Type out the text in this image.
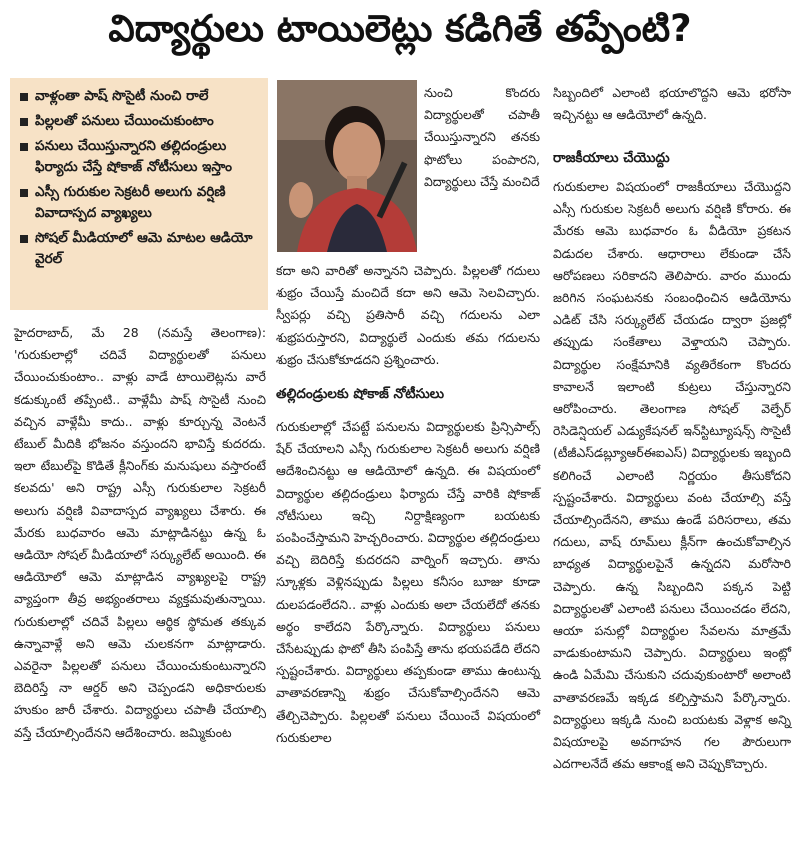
విద్యార్థులు టాయిలెట్లు కడిగితే తప్పేంటి?
వాళ్లంతా పాష్ సొసైటీ నుంచి రాలే
పిల్లలతో పనులు చేయించుకుంటాం
పనులు చేయిస్తున్నారని తల్లిదండ్రులు ఫిర్యాదు చేస్తే షోకాజ్ నోటీసులు ఇస్తాం
ఎస్సీ గురుకుల సెక్రటరీ అలుగు వర్షిణి వివాదాస్పద వ్యాఖ్యలు
సోషల్ మీడియాలో ఆమె మాటల ఆడియో వైరల్

హైదరాబాద్, మే 28 (నమస్తే తెలంగాణ): 'గురుకులాల్లో చదివే విద్యార్థులతో పనులు చేయించుకుంటాం.. వాళ్లు వాడే టాయిలెట్లను వారే కడుక్కుంటే తప్పేంటి.. వాళ్లేమీ పాష్ సొసైటీ నుంచి వచ్చిన వాళ్లేమీ కాదు.. వాళ్లు కూర్చున్న వెంటనే టేబుల్ మీదికి భోజనం వస్తుందని భావిస్తే కుదరదు. ఇలా టేబుల్‌పై కొడితే క్లీనింగ్‌కు మనుషులు వస్తారంటే కలవదు' అని రాష్ట్ర ఎస్సీ గురుకులాల సెక్రటరీ అలుగు వర్షిణి వివాదాస్పద వ్యాఖ్యలు చేశారు. ఈ మేరకు బుధవారం ఆమె మాట్లాడినట్టు ఉన్న ఓ ఆడియో సోషల్ మీడియాలో సర్క్యులేట్ అయింది. ఈ ఆడియోలో ఆమె మాట్లాడిన వ్యాఖ్యలపై రాష్ట్ర వ్యాప్తంగా తీవ్ర అభ్యంతరాలు వ్యక్తమవుతున్నాయి. గురుకులాల్లో చదివే పిల్లలు ఆర్థిక స్థోమత తక్కువ ఉన్నావాళ్లే అని ఆమె చులకనగా మాట్లాడారు. ఎవరైనా పిల్లలతో పనులు చేయించుకుంటున్నారని బెదిరిస్తే నా ఆర్డర్ అని చెప్పండని అధికారులకు హుకుం జారీ చేశారు. విద్యార్థులు చపాతీ చేయాల్సి వస్తే చేయాల్సిందేనని ఆదేశించారు. జమ్మికుంట

నుంచి కొందరు విద్యార్థులతో చపాతీ చేయిస్తున్నారని తనకు ఫొటోలు పంపారని, విద్యార్థులు చేస్తే మంచిదే

కదా అని వారితో అన్నానని చెప్పారు. పిల్లలతో గదులు శుభ్రం చేయిస్తే మంచిదే కదా అని ఆమె సెలవిచ్చారు. స్వీపర్లు వచ్చి ప్రతిసారీ వచ్చి గదులను ఎలా శుభ్రపరుస్తారని, విద్యార్థులే ఎందుకు తమ గదులను శుభ్రం చేసుకోకూడదని ప్రశ్నించారు.

తల్లిదండ్రులకు షోకాజ్ నోటీసులు

గురుకులాల్లో చేపట్టే పనులను విద్యార్థులకు ప్రిన్సిపాల్స్ షేర్ చేయాలని ఎస్సీ గురుకులాల సెక్రటరీ అలుగు వర్షిణి ఆదేశించినట్టు ఆ ఆడియోలో ఉన్నది. ఈ విషయంలో విద్యార్థుల తల్లిదండ్రులు ఫిర్యాదు చేస్తే వారికి షోకాజ్ నోటీసులు ఇచ్చి నిర్దాక్షిణ్యంగా బయటకు పంపించేస్తామని హెచ్చరించారు. విద్యార్థుల తల్లిదండ్రులు వచ్చి బెదిరిస్తే కుదరదని వార్నింగ్ ఇచ్చారు. తాను స్కూళ్లకు వెళ్లినప్పుడు పిల్లలు కనీసం బూజు కూడా దులపడంలేదని.. వాళ్లు ఎందుకు అలా చేయలేదో తనకు అర్థం కాలేదని పేర్కొన్నారు. విద్యార్థులు పనులు చేసేటప్పుడు ఫొటో తీసి పంపిస్తే తాను భయపడేది లేదని స్పష్టంచేశారు. విద్యార్థులు తప్పకుండా తాము ఉంటున్న వాతావరణాన్ని శుభ్రం చేసుకోవాల్సిందేనని ఆమె తేల్చిచెప్పారు. పిల్లలతో పనులు చేయించే విషయంలో గురుకులాల

సిబ్బందిలో ఎలాంటి భయాలొద్దని ఆమె భరోసా ఇచ్చినట్టు ఆ ఆడియోలో ఉన్నది.

రాజకీయాలు చేయొద్దు

గురుకులాల విషయంలో రాజకీయాలు చేయొద్దని ఎస్సీ గురుకుల సెక్రటరీ అలుగు వర్షిణి కోరారు. ఈ మేరకు ఆమె బుధవారం ఓ వీడియో ప్రకటన విడుదల చేశారు. ఆధారాలు లేకుండా చేసే ఆరోపణలు సరికాదని తెలిపారు. వారం ముందు జరిగిన సంఘటనకు సంబంధించిన ఆడియోను ఎడిట్ చేసి సర్క్యులేట్ చేయడం ద్వారా ప్రజల్లో తప్పుడు సంకేతాలు వెళ్తాయని చెప్పారు. విద్యార్థుల సంక్షేమానికి వ్యతిరేకంగా కొందరు కావాలనే ఇలాంటి కుట్రలు చేస్తున్నారని ఆరోపించారు. తెలంగాణ సోషల్ వెల్ఫేర్ రెసిడెన్షియల్ ఎడ్యుకేషనల్ ఇన్‌స్టిట్యూషన్స్ సొసైటీ (టీజీఎస్‌డబ్ల్యూఆర్‌ఈఐఎస్) విద్యార్థులకు ఇబ్బంది కలిగించే ఎలాంటి నిర్ణయం తీసుకోదని స్పష్టంచేశారు. విద్యార్థులు వంట చేయాల్సి వస్తే చేయాల్సిందేనని, తాము ఉండే పరిసరాలు, తమ గదులు, వాష్ రూమ్‌లు క్లీన్‌గా ఉంచుకోవాల్సిన బాధ్యత విద్యార్థులపైనే ఉన్నదని మరోసారి చెప్పారు. ఉన్న సిబ్బందిని పక్కన పెట్టి విద్యార్థులతో ఎలాంటి పనులు చేయించడం లేదని, ఆయా పనుల్లో విద్యార్థుల సేవలను మాత్రమే వాడుకుంటామని చెప్పారు. విద్యార్థులు ఇంట్లో ఉండి ఏమేమి చేసుకుని చదువుకుంటారో అలాంటి వాతావరణమే ఇక్కడ కల్పిస్తామని పేర్కొన్నారు. విద్యార్థులు ఇక్కడి నుంచి బయటకు వెళ్లాక అన్ని విషయాలపై అవగాహన గల పౌరులుగా ఎదగాలనేదే తమ ఆకాంక్ష అని చెప్పుకొచ్చారు.
